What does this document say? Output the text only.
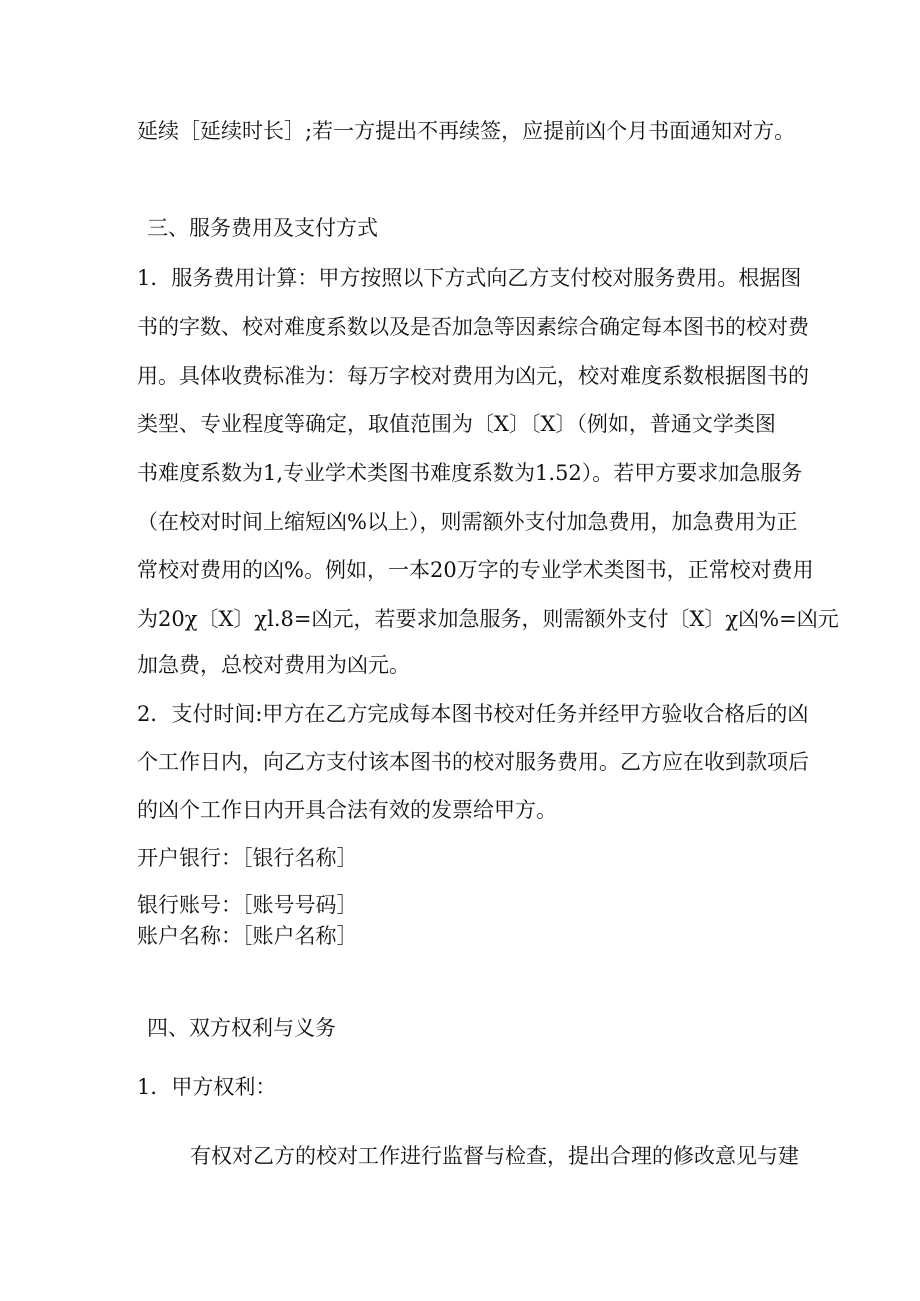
延续［延续时长］;若一方提出不再续签，应提前凶个月书面通知对方。

三、服务费用及支付方式

1．服务费用计算：甲方按照以下方式向乙方支付校对服务费用。根据图

书的字数、校对难度系数以及是否加急等因素综合确定每本图书的校对费

用。具体收费标准为：每万字校对费用为凶元，校对难度系数根据图书的

类型、专业程度等确定，取值范围为〔X〕〔X〕（例如，普通文学类图

书难度系数为1,专业学术类图书难度系数为1.52）。若甲方要求加急服务

（在校对时间上缩短凶%以上），则需额外支付加急费用，加急费用为正

常校对费用的凶%。例如，一本20万字的专业学术类图书，正常校对费用

为20χ〔X〕χl.8=凶元，若要求加急服务，则需额外支付〔X〕χ凶%=凶元

加急费，总校对费用为凶元。

2．支付时间:甲方在乙方完成每本图书校对任务并经甲方验收合格后的凶

个工作日内，向乙方支付该本图书的校对服务费用。乙方应在收到款项后

的凶个工作日内开具合法有效的发票给甲方。

开户银行：［银行名称］

银行账号：［账号号码］

账户名称：［账户名称］

四、双方权利与义务

1．甲方权利：

有权对乙方的校对工作进行监督与检查，提出合理的修改意见与建
